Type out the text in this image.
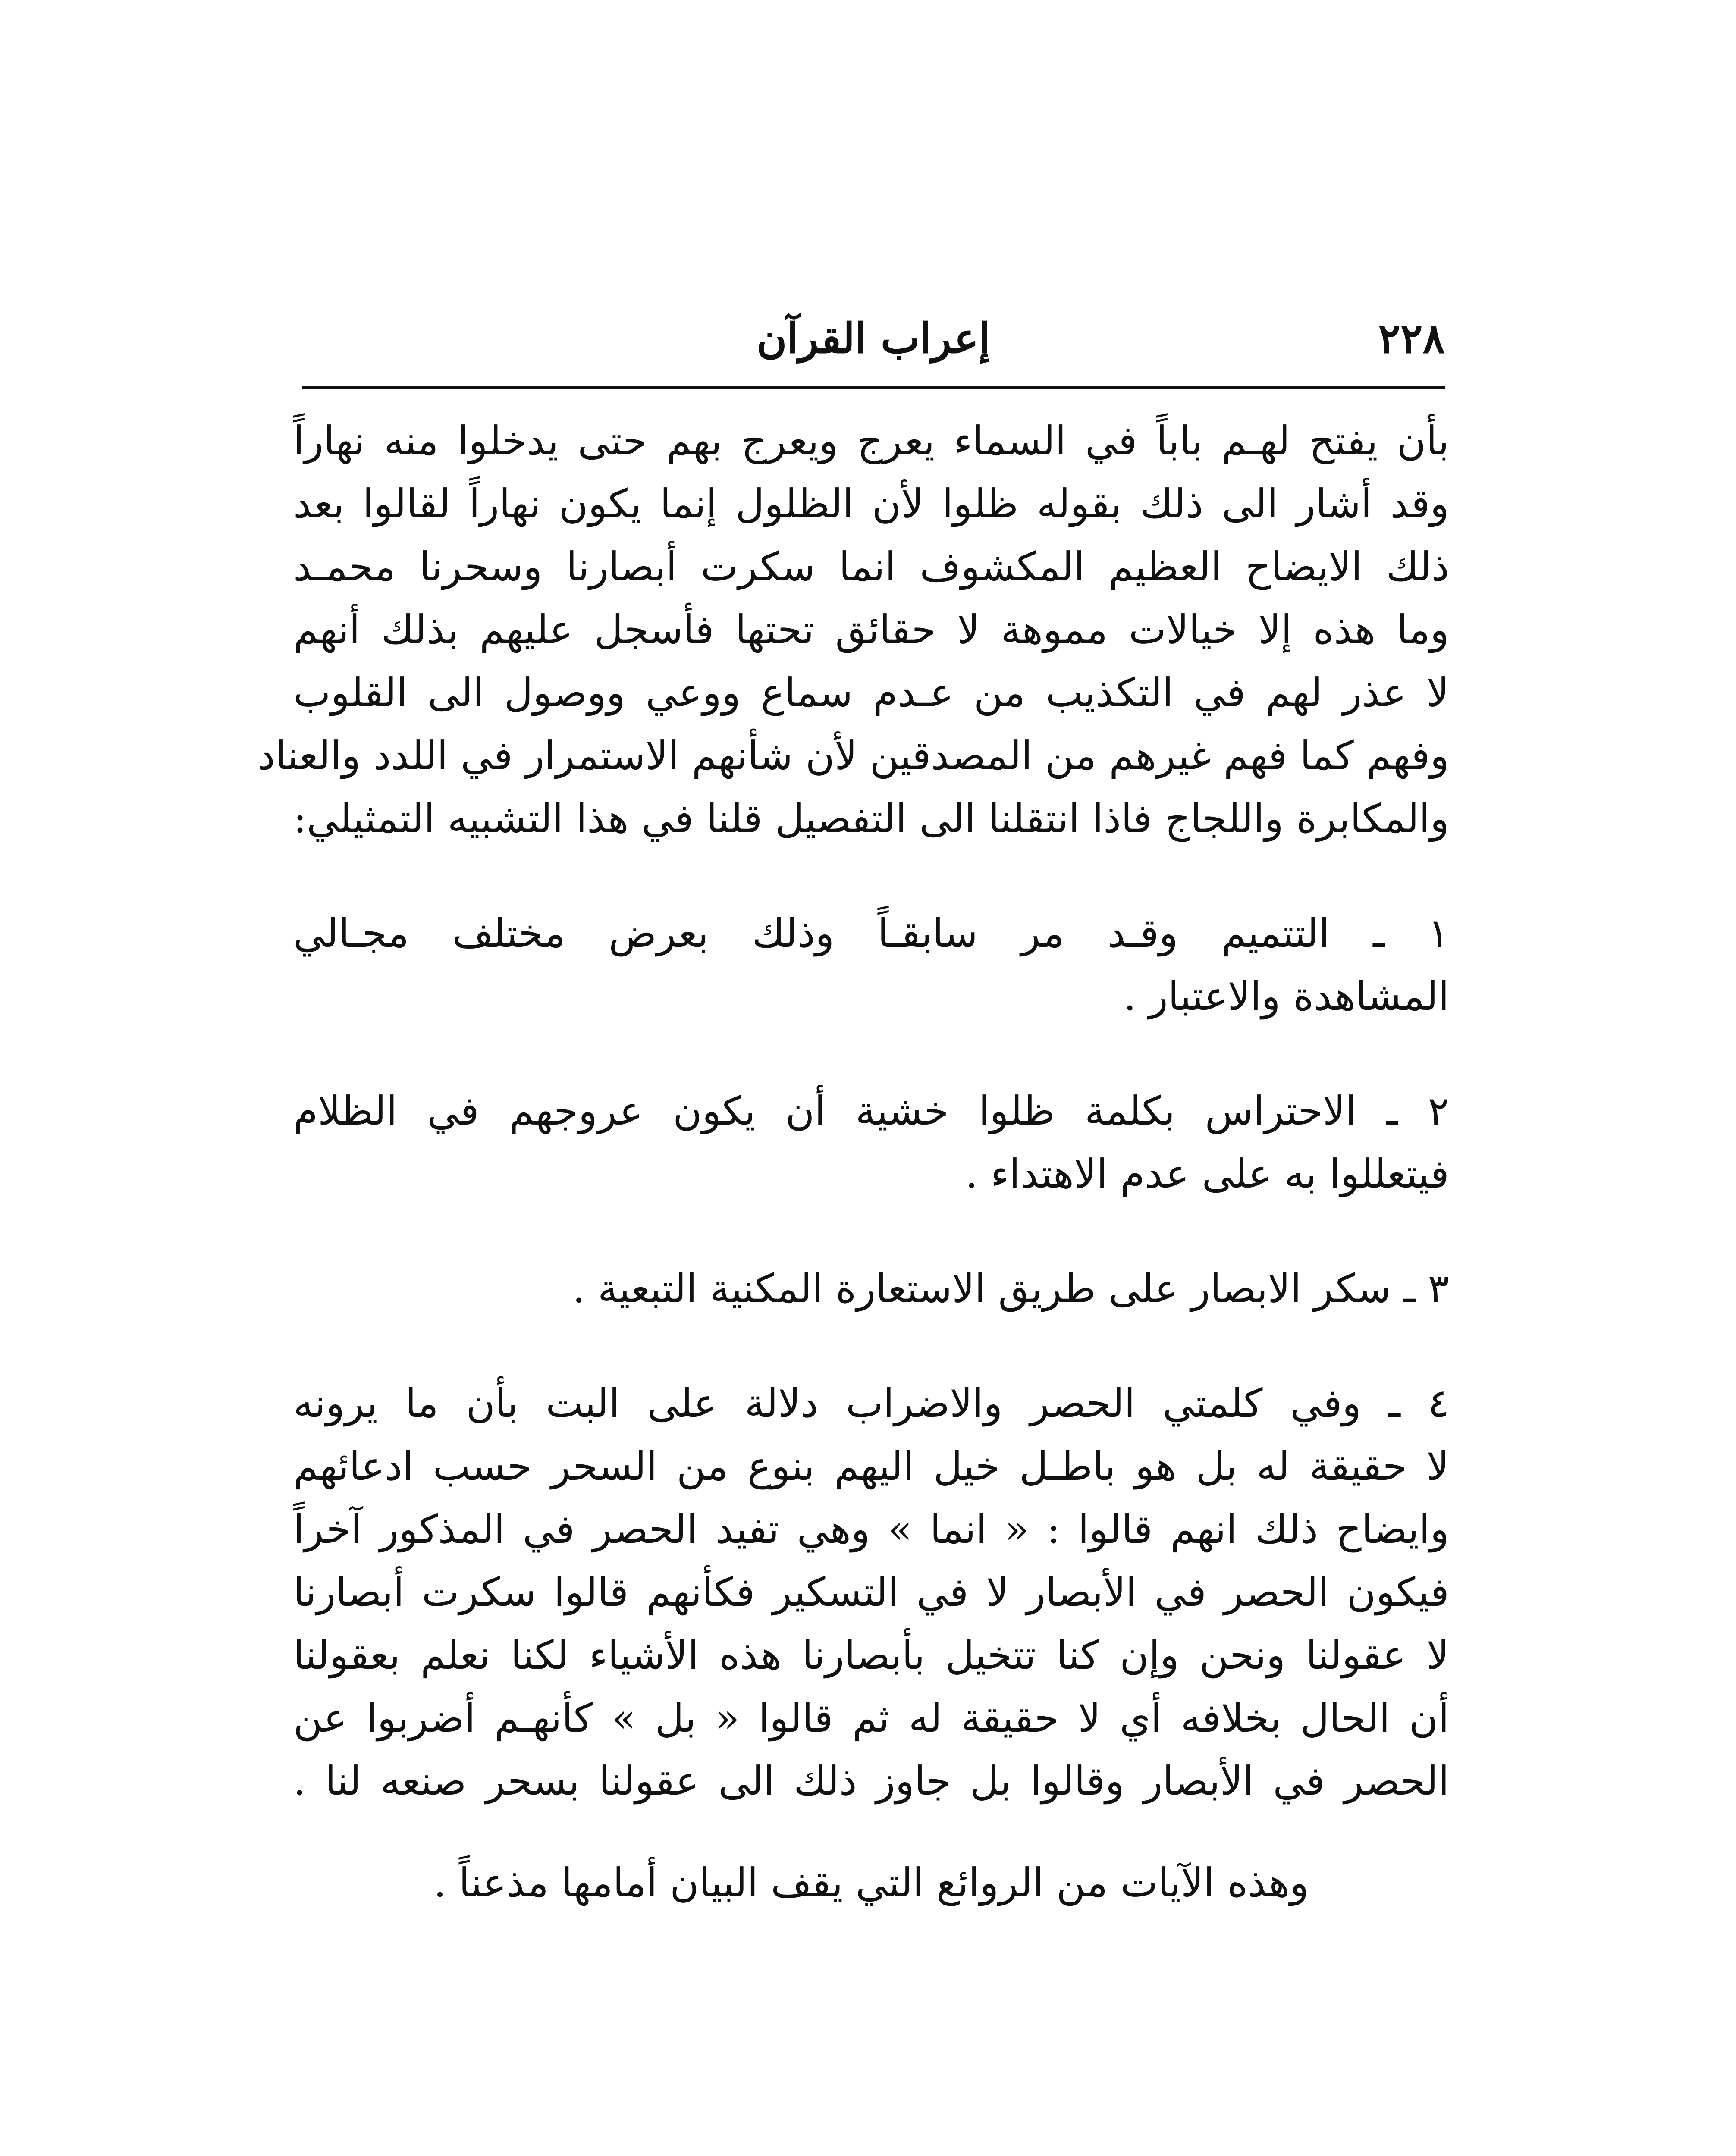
٢٢٨
إعراب القرآن
بأن يفتح لهـم باباً في السماء يعرج ويعرج بهم حتى يدخلوا منه نهاراً
وقد أشار الى ذلك بقوله ظلوا لأن الظلول إنما يكون نهاراً لقالوا بعد
ذلك الايضاح العظيم المكشوف انما سكرت أبصارنا وسحرنا محمـد
وما هذه إلا خيالات مموهة لا حقائق تحتها فأسجل عليهم بذلك أنهم
لا عذر لهم في التكذيب من عـدم سماع ووعي ووصول الى القلوب
وفهم كما فهم غيرهم من المصدقين لأن شأنهم الاستمرار في اللدد والعناد
والمكابرة واللجاج فاذا انتقلنا الى التفصيل قلنا في هذا التشبيه التمثيلي:
١ ـ التتميم وقـد مر سابقـاً وذلك بعرض مختلف مجـالي
المشاهدة والاعتبار .
٢ ـ الاحتراس بكلمة ظلوا خشية أن يكون عروجهم في الظلام
فيتعللوا به على عدم الاهتداء .
٣ ـ سكر الابصار على طريق الاستعارة المكنية التبعية .
٤ ـ وفي كلمتي الحصر والاضراب دلالة على البت بأن ما يرونه
لا حقيقة له بل هو باطـل خيل اليهم بنوع من السحر حسب ادعائهم
وايضاح ذلك انهم قالوا : « انما » وهي تفيد الحصر في المذكور آخراً
فيكون الحصر في الأبصار لا في التسكير فكأنهم قالوا سكرت أبصارنا
لا عقولنا ونحن وإن كنا تتخيل بأبصارنا هذه الأشياء لكنا نعلم بعقولنا
أن الحال بخلافه أي لا حقيقة له ثم قالوا « بل » كأنهـم أضربوا عن
الحصر في الأبصار وقالوا بل جاوز ذلك الى عقولنا بسحر صنعه لنا .
وهذه الآيات من الروائع التي يقف البيان أمامها مذعناً .
